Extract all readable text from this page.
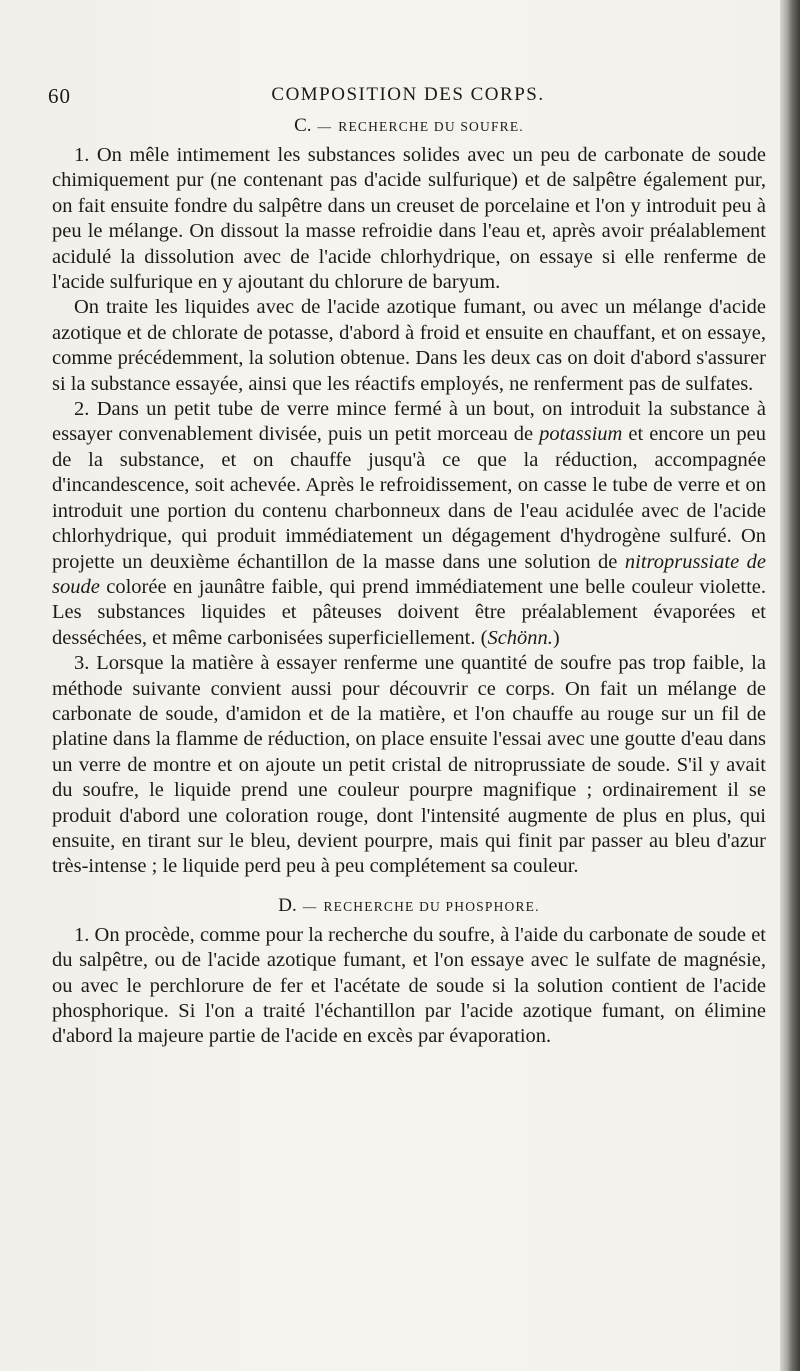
60	COMPOSITION DES CORPS.
C. — RECHERCHE DU SOUFRE.

1. On mêle intimement les substances solides avec un peu de carbonate de soude chimiquement pur (ne contenant pas d'acide sulfurique) et de salpêtre également pur, on fait ensuite fondre du salpêtre dans un creuset de porcelaine et l'on y introduit peu à peu le mélange. On dissout la masse refroidie dans l'eau et, après avoir préalablement acidulé la dissolution avec de l'acide chlorhydrique, on essaye si elle renferme de l'acide sulfurique en y ajoutant du chlorure de baryum.

On traite les liquides avec de l'acide azotique fumant, ou avec un mélange d'acide azotique et de chlorate de potasse, d'abord à froid et ensuite en chauffant, et on essaye, comme précédemment, la solution obtenue. Dans les deux cas on doit d'abord s'assurer si la substance essayée, ainsi que les réactifs employés, ne renferment pas de sulfates.

2. Dans un petit tube de verre mince fermé à un bout, on introduit la substance à essayer convenablement divisée, puis un petit morceau de potassium et encore un peu de la substance, et on chauffe jusqu'à ce que la réduction, accompagnée d'incandescence, soit achevée. Après le refroidissement, on casse le tube de verre et on introduit une portion du contenu charbonneux dans de l'eau acidulée avec de l'acide chlorhydrique, qui produit immédiatement un dégagement d'hydrogène sulfuré. On projette un deuxième échantillon de la masse dans une solution de nitroprussiate de soude colorée en jaunâtre faible, qui prend immédiatement une belle couleur violette. Les substances liquides et pâteuses doivent être préalablement évaporées et desséchées, et même carbonisées superficiellement. (Schönn.)

3. Lorsque la matière à essayer renferme une quantité de soufre pas trop faible, la méthode suivante convient aussi pour découvrir ce corps. On fait un mélange de carbonate de soude, d'amidon et de la matière, et l'on chauffe au rouge sur un fil de platine dans la flamme de réduction, on place ensuite l'essai avec une goutte d'eau dans un verre de montre et on ajoute un petit cristal de nitroprussiate de soude. S'il y avait du soufre, le liquide prend une couleur pourpre magnifique ; ordinairement il se produit d'abord une coloration rouge, dont l'intensité augmente de plus en plus, qui ensuite, en tirant sur le bleu, devient pourpre, mais qui finit par passer au bleu d'azur très-intense ; le liquide perd peu à peu complétement sa couleur.

D. — RECHERCHE DU PHOSPHORE.

1. On procède, comme pour la recherche du soufre, à l'aide du carbonate de soude et du salpêtre, ou de l'acide azotique fumant, et l'on essaye avec le sulfate de magnésie, ou avec le perchlorure de fer et l'acétate de soude si la solution contient de l'acide phosphorique. Si l'on a traité l'échantillon par l'acide azotique fumant, on élimine d'abord la majeure partie de l'acide en excès par évaporation.
